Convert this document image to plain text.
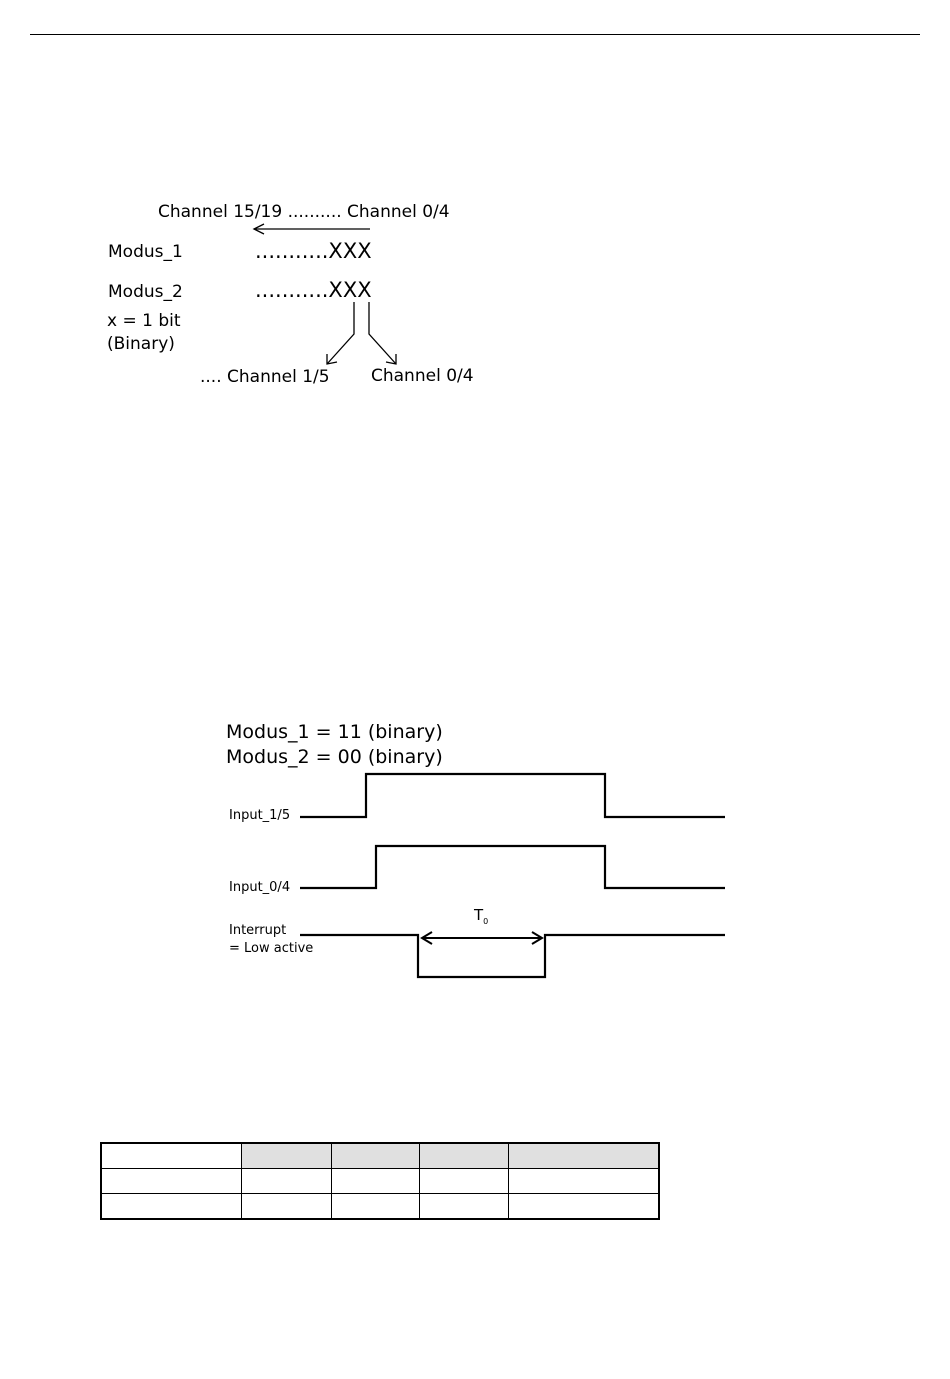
Channel 15/19 .......... Channel 0/4
Modus_1	...........XXX
Modus_2	...........XXX
x = 1 bit
(Binary)
.... Channel 1/5 Channel 0/4
Modus_1 = 11 (binary)
Modus_2 = 00 (binary)
Input_1/5
Input_0/4
Interrupt
= Low active
$T_0$
